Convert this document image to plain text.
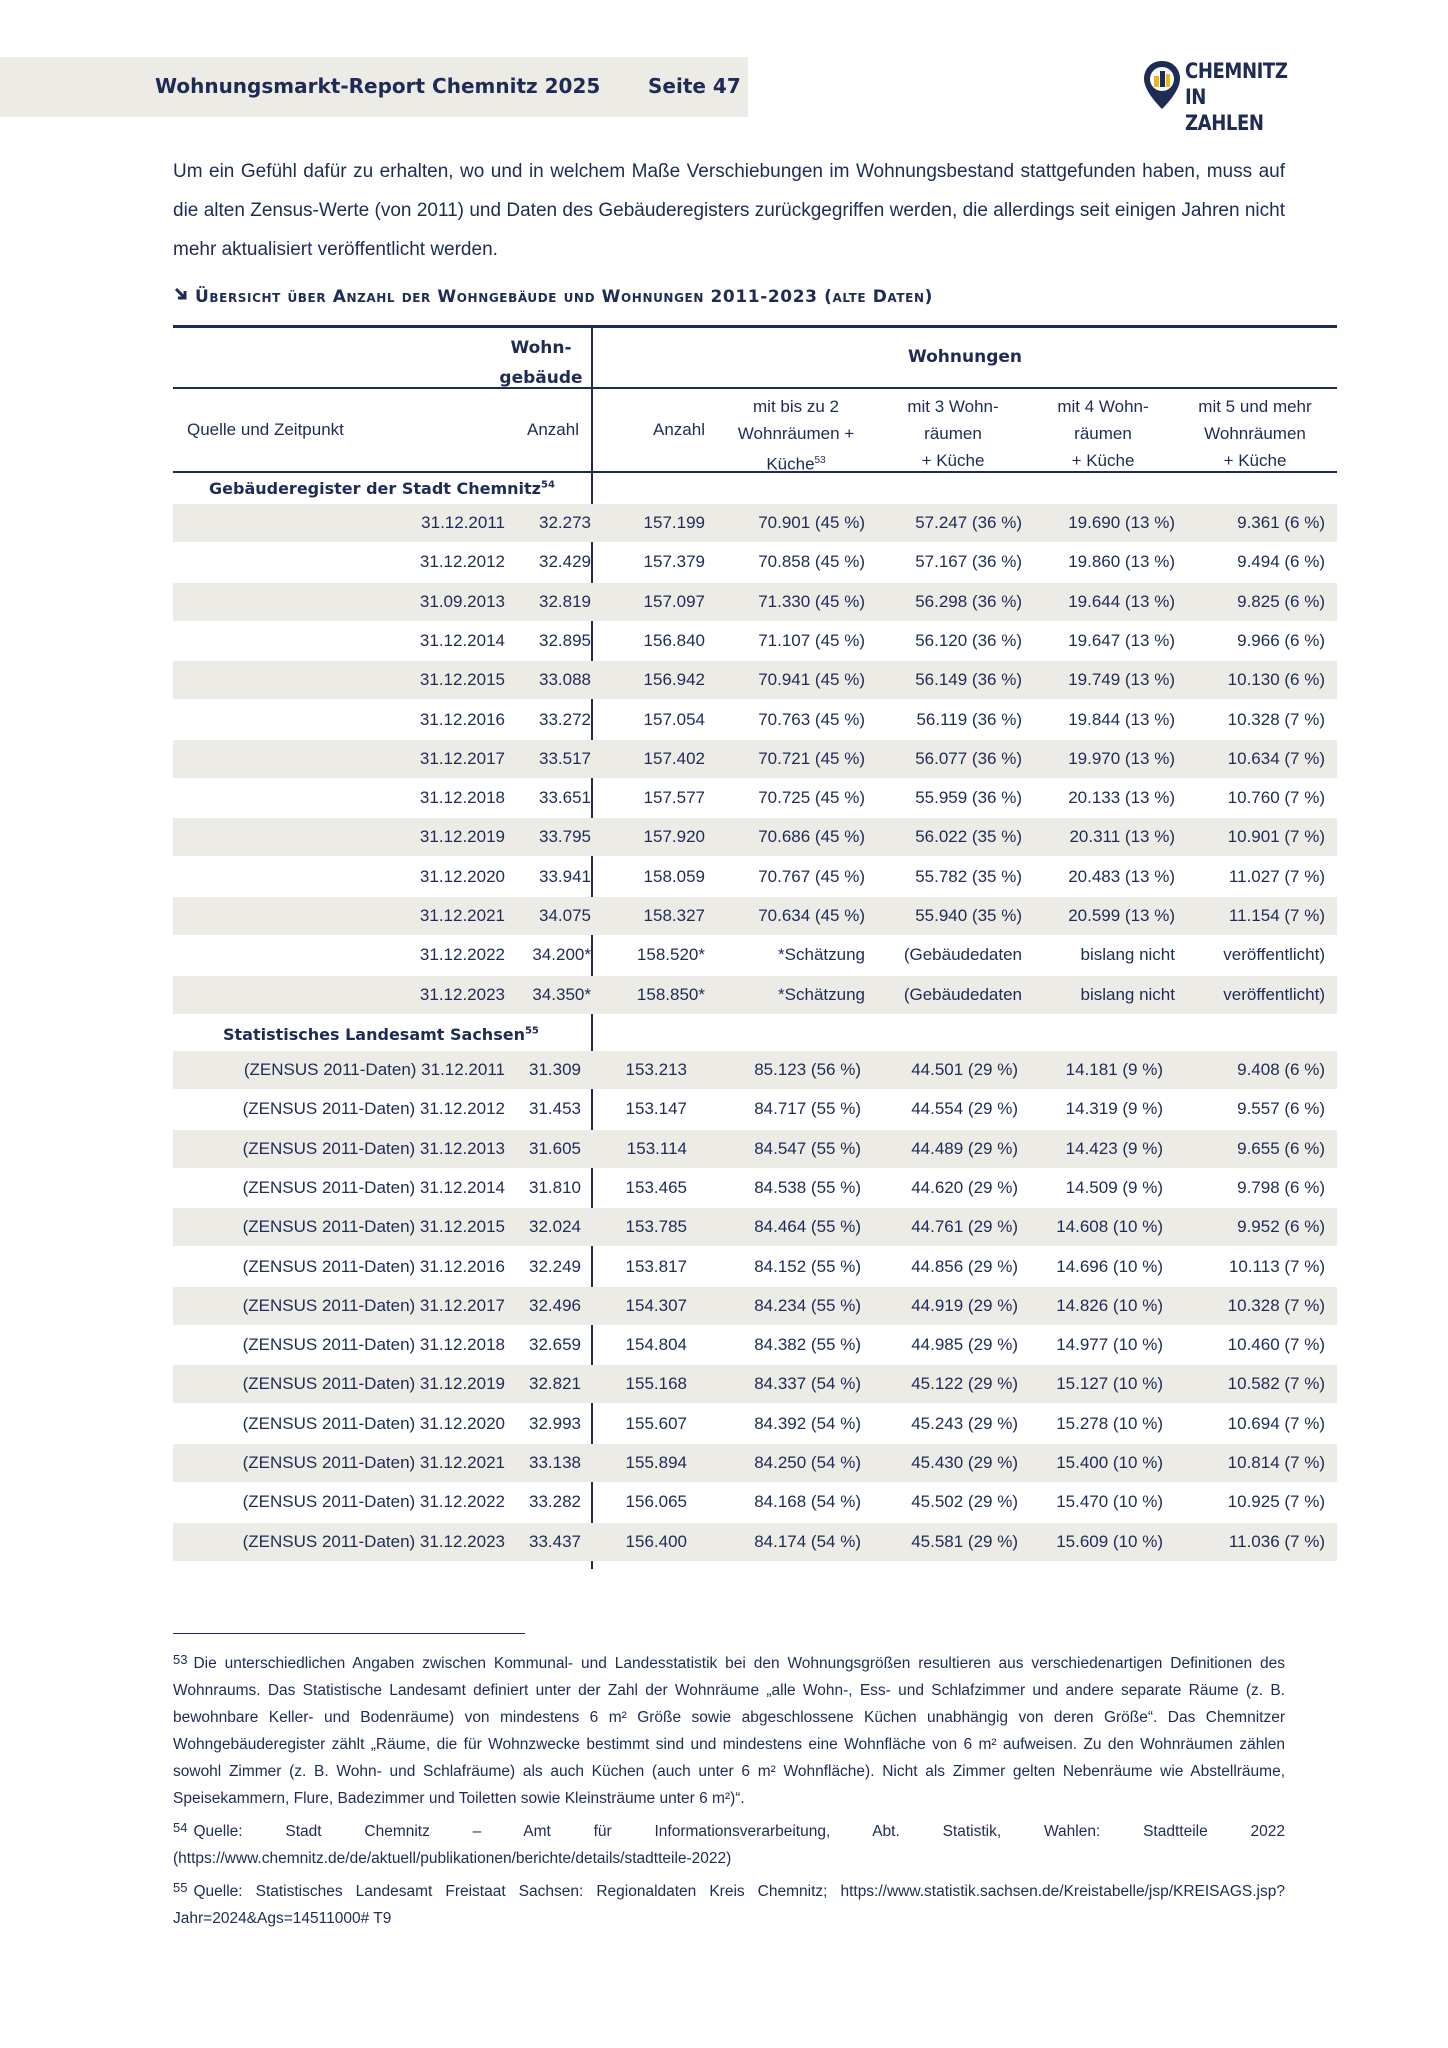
Wohnungsmarkt-Report Chemnitz 2025 Seite 47
CHEMNITZ
IN ZAHLEN
Um ein Gefühl dafür zu erhalten, wo und in welchem Maße Verschiebungen im Wohnungsbestand stattgefunden haben, muss auf die alten Zensus-Werte (von 2011) und Daten des Gebäuderegisters zurückgegriffen werden, die allerdings seit einigen Jahren nicht mehr aktualisiert veröffentlicht werden.
Übersicht über Anzahl der Wohngebäude und Wohnungen 2011-2023 (alte Daten)
Wohn-
gebäude
Wohnungen
Quelle und Zeitpunkt	Anzahl	Anzahl
mit bis zu 2
Wohnräumen +
Küche$^{53}$
mit 3 Wohn-
räumen
+ Küche
mit 4 Wohn-
räumen
+ Küche
mit 5 und mehr
Wohnräumen
+ Küche
Gebäuderegister der Stadt Chemnitz$^{54}$
31.12.2011	32.273	157.199	70.901 (45 %)	57.247 (36 %)	19.690 (13 %)	9.361 (6 %)
31.12.2012	32.429	157.379	70.858 (45 %)	57.167 (36 %)	19.860 (13 %)	9.494 (6 %)
31.09.2013	32.819	157.097	71.330 (45 %)	56.298 (36 %)	19.644 (13 %)	9.825 (6 %)
31.12.2014	32.895	156.840	71.107 (45 %)	56.120 (36 %)	19.647 (13 %)	9.966 (6 %)
31.12.2015	33.088	156.942	70.941 (45 %)	56.149 (36 %)	19.749 (13 %)	10.130 (6 %)
31.12.2016	33.272	157.054	70.763 (45 %)	56.119 (36 %)	19.844 (13 %)	10.328 (7 %)
31.12.2017	33.517	157.402	70.721 (45 %)	56.077 (36 %)	19.970 (13 %)	10.634 (7 %)
31.12.2018	33.651	157.577	70.725 (45 %)	55.959 (36 %)	20.133 (13 %)	10.760 (7 %)
31.12.2019	33.795	157.920	70.686 (45 %)	56.022 (35 %)	20.311 (13 %)	10.901 (7 %)
31.12.2020	33.941	158.059	70.767 (45 %)	55.782 (35 %)	20.483 (13 %)	11.027 (7 %)
31.12.2021	34.075	158.327	70.634 (45 %)	55.940 (35 %)	20.599 (13 %)	11.154 (7 %)
31.12.2022	34.200*	158.520*	*Schätzung	(Gebäudedaten	bislang nicht	veröffentlicht)
31.12.2023	34.350*	158.850*	*Schätzung	(Gebäudedaten	bislang nicht	veröffentlicht)
Statistisches Landesamt Sachsen$^{55}$
(ZENSUS 2011-Daten) 31.12.2011	31.309	153.213	85.123 (56 %)	44.501 (29 %)	14.181 (9 %)	9.408 (6 %)
(ZENSUS 2011-Daten) 31.12.2012	31.453	153.147	84.717 (55 %)	44.554 (29 %)	14.319 (9 %)	9.557 (6 %)
(ZENSUS 2011-Daten) 31.12.2013	31.605	153.114	84.547 (55 %)	44.489 (29 %)	14.423 (9 %)	9.655 (6 %)
(ZENSUS 2011-Daten) 31.12.2014	31.810	153.465	84.538 (55 %)	44.620 (29 %)	14.509 (9 %)	9.798 (6 %)
(ZENSUS 2011-Daten) 31.12.2015	32.024	153.785	84.464 (55 %)	44.761 (29 %)	14.608 (10 %)	9.952 (6 %)
(ZENSUS 2011-Daten) 31.12.2016	32.249	153.817	84.152 (55 %)	44.856 (29 %)	14.696 (10 %)	10.113 (7 %)
(ZENSUS 2011-Daten) 31.12.2017	32.496	154.307	84.234 (55 %)	44.919 (29 %)	14.826 (10 %)	10.328 (7 %)
(ZENSUS 2011-Daten) 31.12.2018	32.659	154.804	84.382 (55 %)	44.985 (29 %)	14.977 (10 %)	10.460 (7 %)
(ZENSUS 2011-Daten) 31.12.2019	32.821	155.168	84.337 (54 %)	45.122 (29 %)	15.127 (10 %)	10.582 (7 %)
(ZENSUS 2011-Daten) 31.12.2020	32.993	155.607	84.392 (54 %)	45.243 (29 %)	15.278 (10 %)	10.694 (7 %)
(ZENSUS 2011-Daten) 31.12.2021	33.138	155.894	84.250 (54 %)	45.430 (29 %)	15.400 (10 %)	10.814 (7 %)
(ZENSUS 2011-Daten) 31.12.2022	33.282	156.065	84.168 (54 %)	45.502 (29 %)	15.470 (10 %)	10.925 (7 %)
(ZENSUS 2011-Daten) 31.12.2023	33.437	156.400	84.174 (54 %)	45.581 (29 %)	15.609 (10 %)	11.036 (7 %)

$^{53}$ Die unterschiedlichen Angaben zwischen Kommunal- und Landesstatistik bei den Wohnungsgrößen resultieren aus verschiedenartigen Definitionen des Wohnraums. Das Statistische Landesamt definiert unter der Zahl der Wohnräume „alle Wohn-, Ess- und Schlafzimmer und andere separate Räume (z. B. bewohnbare Keller- und Bodenräume) von mindestens 6 m² Größe sowie abgeschlossene Küchen unabhängig von deren Größe“. Das Chemnitzer Wohngebäuderegister zählt „Räume, die für Wohnzwecke bestimmt sind und mindestens eine Wohnfläche von 6 m² aufweisen. Zu den Wohnräumen zählen sowohl Zimmer (z. B. Wohn- und Schlafräume) als auch Küchen (auch unter 6 m² Wohnfläche). Nicht als Zimmer gelten Nebenräume wie Abstellräume, Speisekammern, Flure, Badezimmer und Toiletten sowie Kleinsträume unter 6 m²)“.

$^{54}$ Quelle: Stadt Chemnitz – Amt für Informationsverarbeitung, Abt. Statistik, Wahlen: Stadtteile 2022 (https://www.chemnitz.de/de/aktuell/publikationen/berichte/details/stadtteile-2022)

$^{55}$ Quelle: Statistisches Landesamt Freistaat Sachsen: Regionaldaten Kreis Chemnitz; https://www.statistik.sachsen.de/Kreistabelle/jsp/KREISAGS.jsp?Jahr=2024&Ags=14511000# T9
